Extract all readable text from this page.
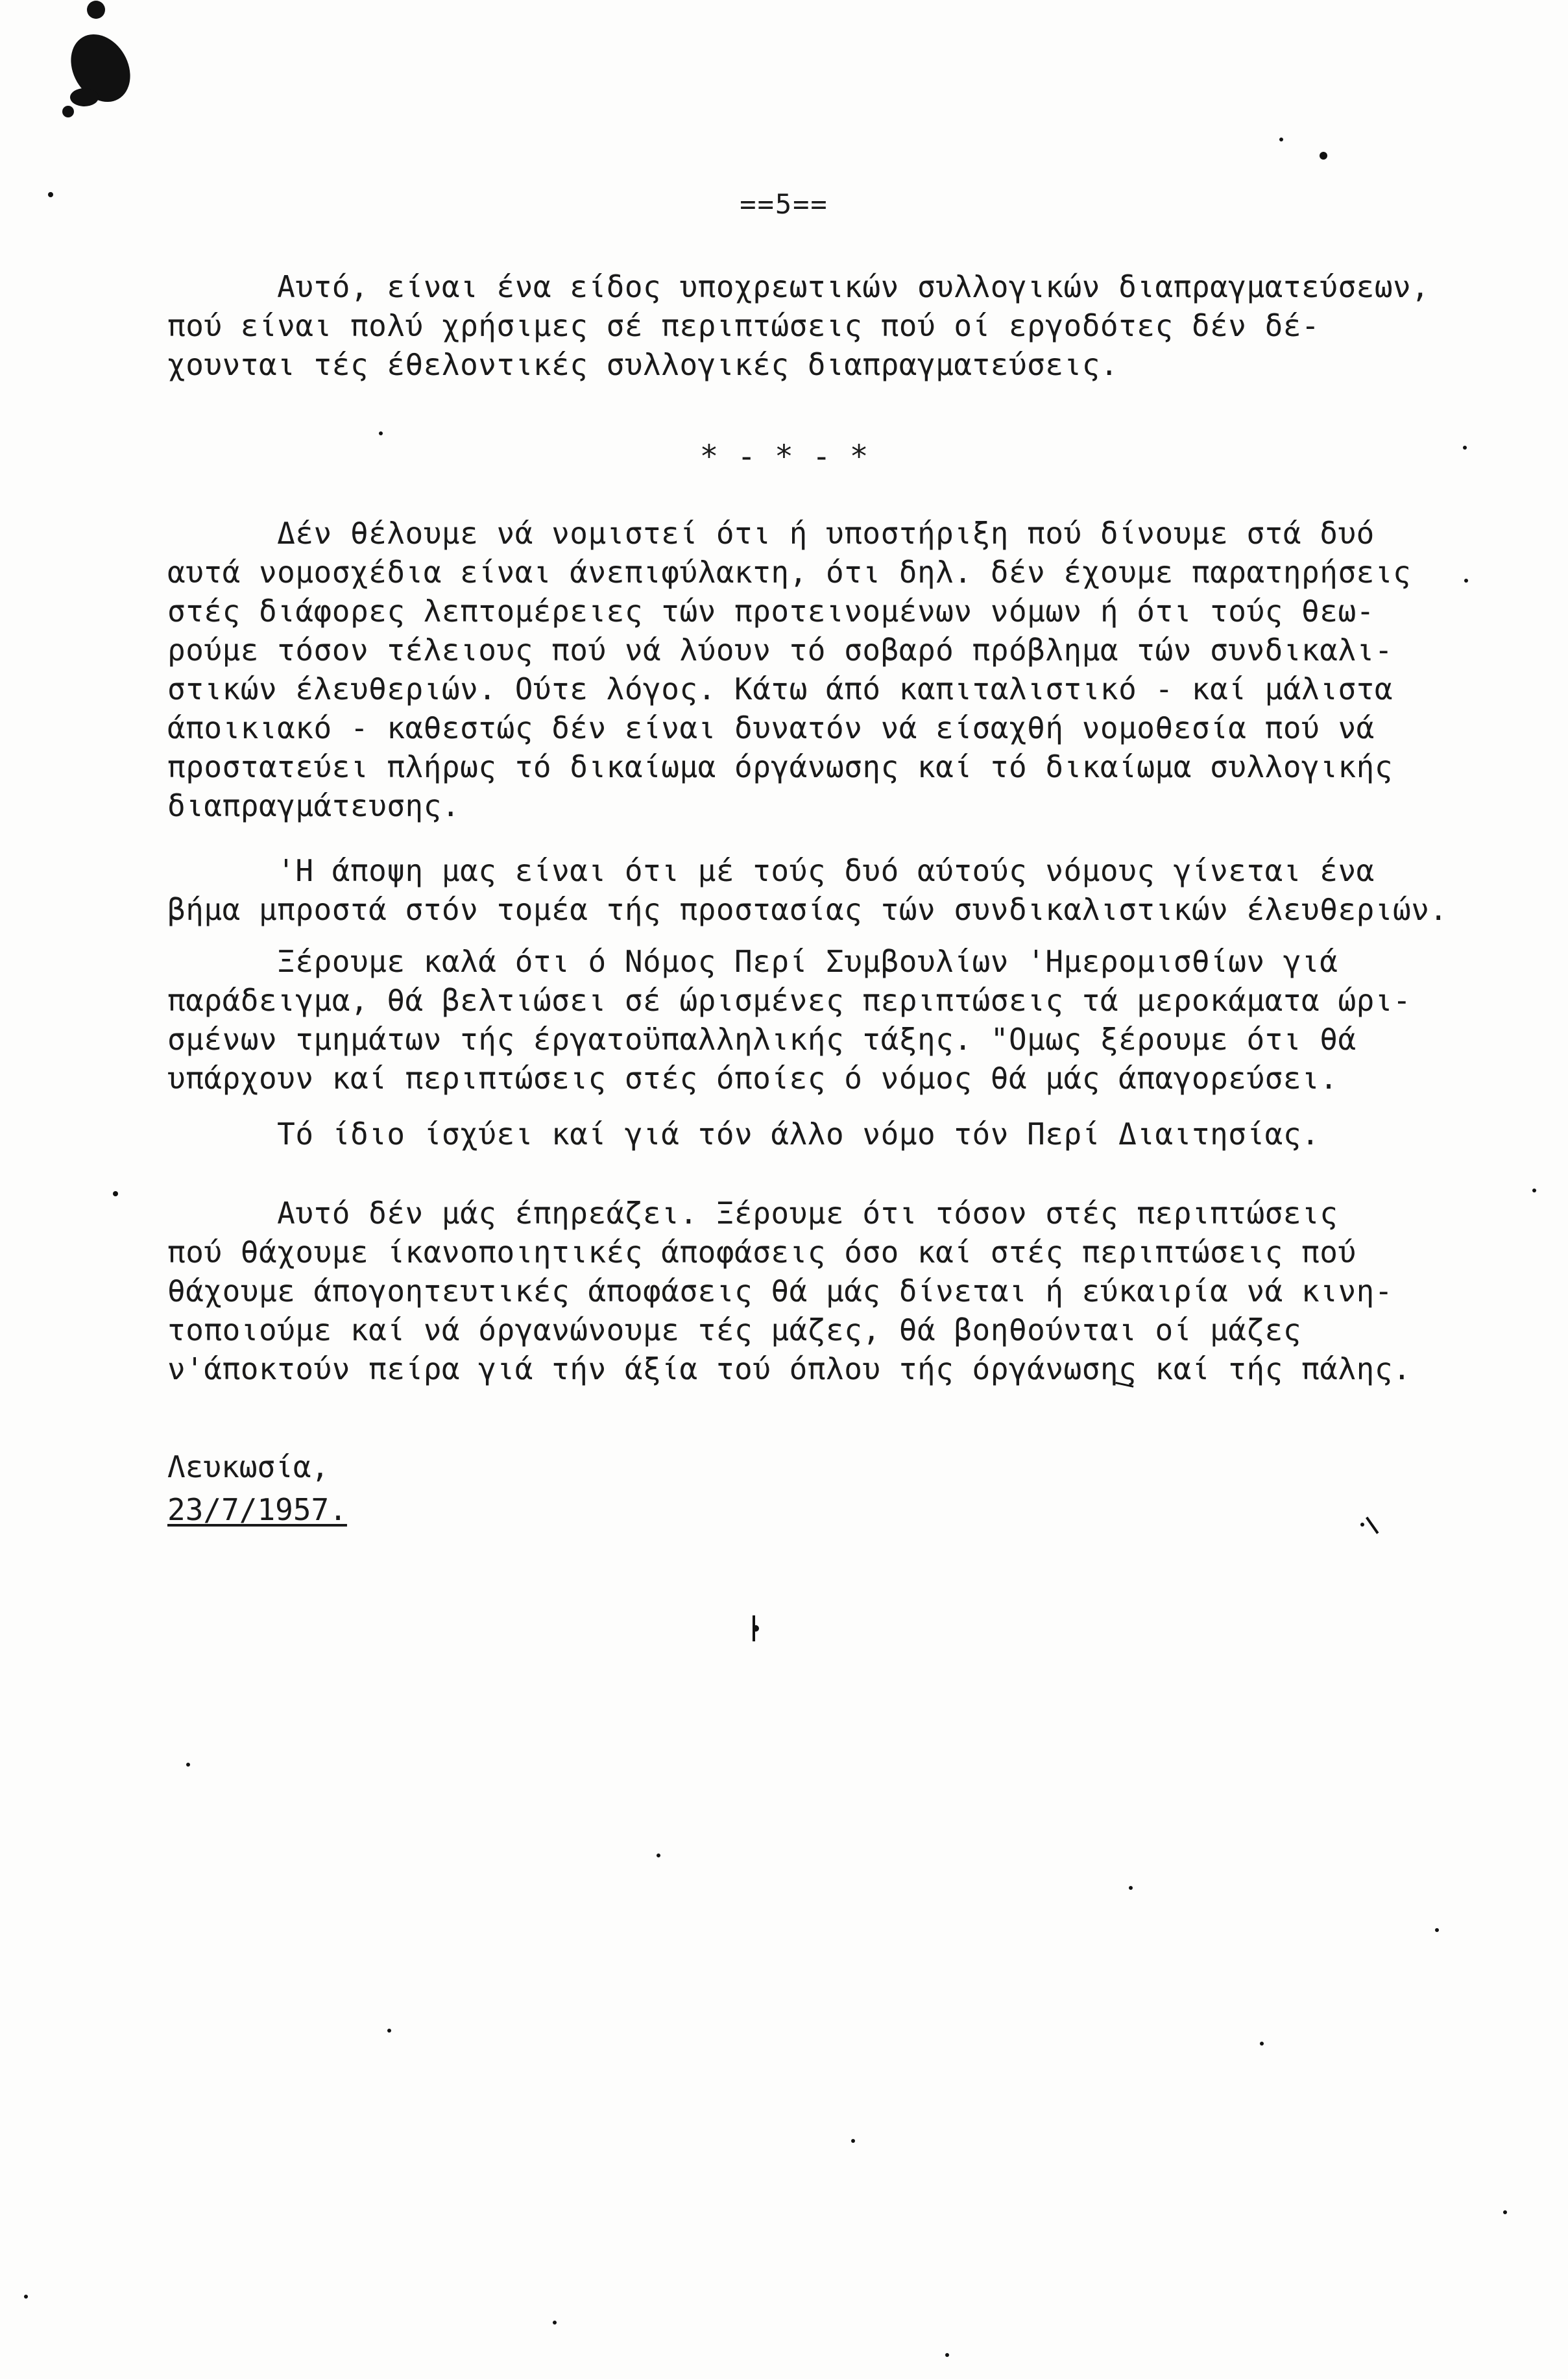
==5==

Αυτό, είναι ένα είδος υποχρεωτικών συλλογικών διαπραγματεύσεων,
πού είναι πολύ χρήσιμες σέ περιπτώσεις πού οί εργοδότες δέν δέ-
χουνται τές έθελοντικές συλλογικές διαπραγματεύσεις.

* - * - *

Δέν θέλουμε νά νομιστεί ότι ή υποστήριξη πού δίνουμε στά δυό
αυτά νομοσχέδια είναι άνεπιφύλακτη, ότι δηλ. δέν έχουμε παρατηρήσεις
στές διάφορες λεπτομέρειες τών προτεινομένων νόμων ή ότι τούς θεω-
ρούμε τόσον τέλειους πού νά λύουν τό σοβαρό πρόβλημα τών συνδικαλι-
στικών έλευθεριών. Ούτε λόγος. Κάτω άπό καπιταλιστικό - καί μάλιστα
άποικιακό - καθεστώς δέν είναι δυνατόν νά είσαχθή νομοθεσία πού νά
προστατεύει πλήρως τό δικαίωμα όργάνωσης καί τό δικαίωμα συλλογικής
διαπραγμάτευσης.

'Η άποψη μας είναι ότι μέ τούς δυό αύτούς νόμους γίνεται ένα
βήμα μπροστά στόν τομέα τής προστασίας τών συνδικαλιστικών έλευθεριών.

Ξέρουμε καλά ότι ό Νόμος Περί Συμβουλίων 'Ημερομισθίων γιά
παράδειγμα, θά βελτιώσει σέ ώρισμένες περιπτώσεις τά μεροκάματα ώρι-
σμένων τμημάτων τής έργατοϋπαλληλικής τάξης. "Ομως ξέρουμε ότι θά
υπάρχουν καί περιπτώσεις στές όποίες ό νόμος θά μάς άπαγορεύσει.

Τό ίδιο ίσχύει καί γιά τόν άλλο νόμο τόν Περί Διαιτησίας.

Αυτό δέν μάς έπηρεάζει. Ξέρουμε ότι τόσον στές περιπτώσεις
πού θάχουμε ίκανοποιητικές άποφάσεις όσο καί στές περιπτώσεις πού
θάχουμε άπογοητευτικές άποφάσεις θά μάς δίνεται ή εύκαιρία νά κινη-
τοποιούμε καί νά όργανώνουμε τές μάζες, θά βοηθούνται οί μάζες
ν'άποκτούν πείρα γιά τήν άξία τού όπλου τής όργάνωσης καί τής πάλης.

Λευκωσία,
23/7/1957.
